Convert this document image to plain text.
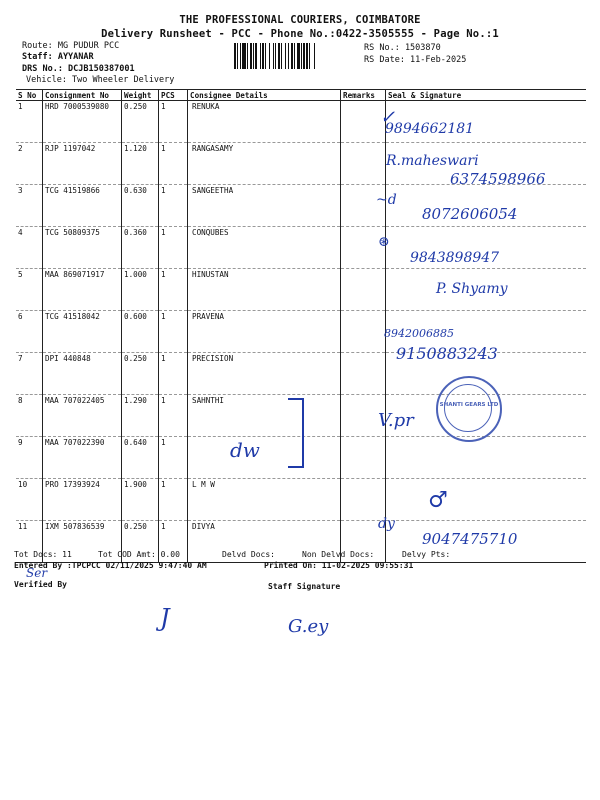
THE PROFESSIONAL COURIERS, COIMBATORE
Delivery Runsheet - PCC - Phone No.:0422-3505555 - Page No.:1
Route: MG PUDUR PCC
Staff: AYYANAR
DRS No.: DCJB150387001
Vehicle: Two Wheeler Delivery
RS No.: 1503870
RS Date: 11-Feb-2025
S No	Consignment No	Weight	PCS	Consignee Details	Remarks	Seal & Signature
1	HRD 7000539080	0.250	1	RENUKA		
2	RJP 1197042	1.120	1	RANGASAMY		
3	TCG 41519866	0.630	1	SANGEETHA		
4	TCG 50809375	0.360	1	CONQUBES		
5	MAA 869071917	1.000	1	HINUSTAN		
6	TCG 41518042	0.600	1	PRAVENA		
7	DPI 440848	0.250	1	PRECISION		
8	MAA 707022405	1.290	1	SAHNTHI		
9	MAA 707022390	0.640	1			
10	PRO 17393924	1.900	1	L M W		
11	IXM 507836539	0.250	1	DIVYA		
Tot Docs: 11	Tot COD Amt: 0.00	Delvd Docs:	Non Delvd Docs:	Delvy Pts:
Entered By :TPCPCC 02/11/2025 9:47:40 AM	Printed On: 11-02-2025 09:55:31
Verified By	Staff Signature
✓
9894662181
R.maheswari
6374598966
~d
8072606054
⊛
9843898947
P. Shyamy
8942006885
9150883243
V.pr
dw
♂
dy
9047475710
Ser
J	G.ey
SHANTI GEARS LTD
